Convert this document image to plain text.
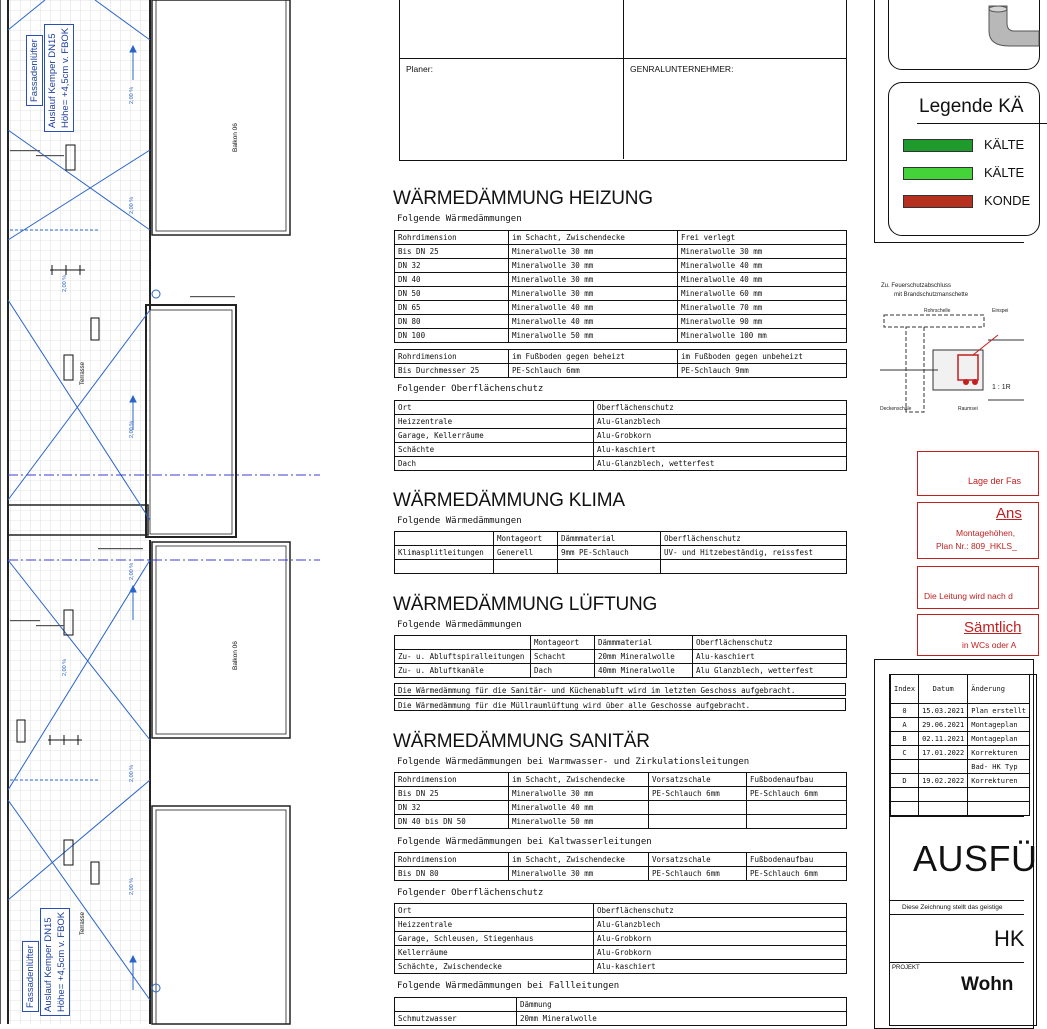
Fassadenlüfter Auslauf Kemper DN15 Höhe= +4,5cm v. FBOK
Fassadenlüfter Auslauf Kemper DN15 Höhe= +4,5cm v. FBOK
Balkon 06
Balkon 06
Terrasse
Terrasse
2,00 %
2,00 %
2,00 %
2,00 %
2,00 %
2,00 %
2,00 %
2,00 %
Planer:	GENRALUNTERNEHMER:
WÄRMEDÄMMUNG HEIZUNG
Folgende Wärmedämmungen
Rohrdimension	im Schacht, Zwischendecke	Frei verlegt
Bis DN 25	Mineralwolle 30 mm	Mineralwolle 30 mm
DN 32	Mineralwolle 30 mm	Mineralwolle 40 mm
DN 40	Mineralwolle 30 mm	Mineralwolle 40 mm
DN 50	Mineralwolle 30 mm	Mineralwolle 60 mm
DN 65	Mineralwolle 40 mm	Mineralwolle 70 mm
DN 80	Mineralwolle 40 mm	Mineralwolle 90 mm
DN 100	Mineralwolle 50 mm	Mineralwolle 100 mm
Rohrdimension	im Fußboden gegen beheizt	im Fußboden gegen unbeheizt
Bis Durchmesser 25	PE-Schlauch 6mm	PE-Schlauch 9mm
Folgender Oberflächenschutz
Ort	Oberflächenschutz
Heizzentrale	Alu-Glanzblech
Garage, Kellerräume	Alu-Grobkorn
Schächte	Alu-kaschiert
Dach	Alu-Glanzblech, wetterfest
WÄRMEDÄMMUNG KLIMA
Folgende Wärmedämmungen
	Montageort	Dämmmaterial	Oberflächenschutz
Klimasplitleitungen	Generell	9mm PE-Schlauch	UV- und Hitzebeständig, reissfest

WÄRMEDÄMMUNG LÜFTUNG
Folgende Wärmedämmungen
	Montageort	Dämmmaterial	Oberflächenschutz
Zu- u. Abluftspiralleitungen	Schacht	20mm Mineralwolle	Alu-kaschiert
Zu- u. Abluftkanäle	Dach	40mm Mineralwolle	Alu Glanzblech, wetterfest
Die Wärmedämmung für die Sanitär- und Küchenabluft wird im letzten Geschoss aufgebracht.
Die Wärmedämmung für die Müllraumlüftung wird über alle Geschosse aufgebracht.
WÄRMEDÄMMUNG SANITÄR
Folgende Wärmedämmungen bei Warmwasser- und Zirkulationsleitungen
Rohrdimension	im Schacht, Zwischendecke	Vorsatzschale	Fußbodenaufbau
Bis DN 25	Mineralwolle 30 mm	PE-Schlauch 6mm	PE-Schlauch 6mm
DN 32	Mineralwolle 40 mm		
DN 40 bis DN 50	Mineralwolle 50 mm		
Folgende Wärmedämmungen bei Kaltwasserleitungen
Rohrdimension	im Schacht, Zwischendecke	Vorsatzschale	Fußbodenaufbau
Bis DN 80	Mineralwolle 30 mm	PE-Schlauch 6mm	PE-Schlauch 6mm
Folgender Oberflächenschutz
Ort	Oberflächenschutz
Heizzentrale	Alu-Glanzblech
Garage, Schleusen, Stiegenhaus	Alu-Grobkorn
Kellerräume	Alu-Grobkorn
Schächte, Zwischendecke	Alu-kaschiert
Folgende Wärmedämmungen bei Fallleitungen
	Dämmung
Schmutzwasser	20mm Mineralwolle
Legende KÄ
KÄLTE
KÄLTE
KONDE
Zu. Feuerschutzabschluss
mit Brandschutzmanschette
Rohrschelle	Einspei
Deckenschale	Raumsei
1 : 1R
Lage der Fas
Ans
Montagehöhen,
Plan Nr.: 809_HKLS_
Die Leitung wird nach d
Sämtlich
in WCs oder A
Index	Datum	Änderung
0	15.03.2021	Plan erstellt
A	29.06.2021	Montageplan
B	02.11.2021	Montageplan
C	17.01.2022	Korrekturen
		Bad- HK Typ
D	19.02.2022	Korrekturen

AUSFÜ
Diese Zeichnung stellt das geistige
HK
PROJEKT
Wohn
